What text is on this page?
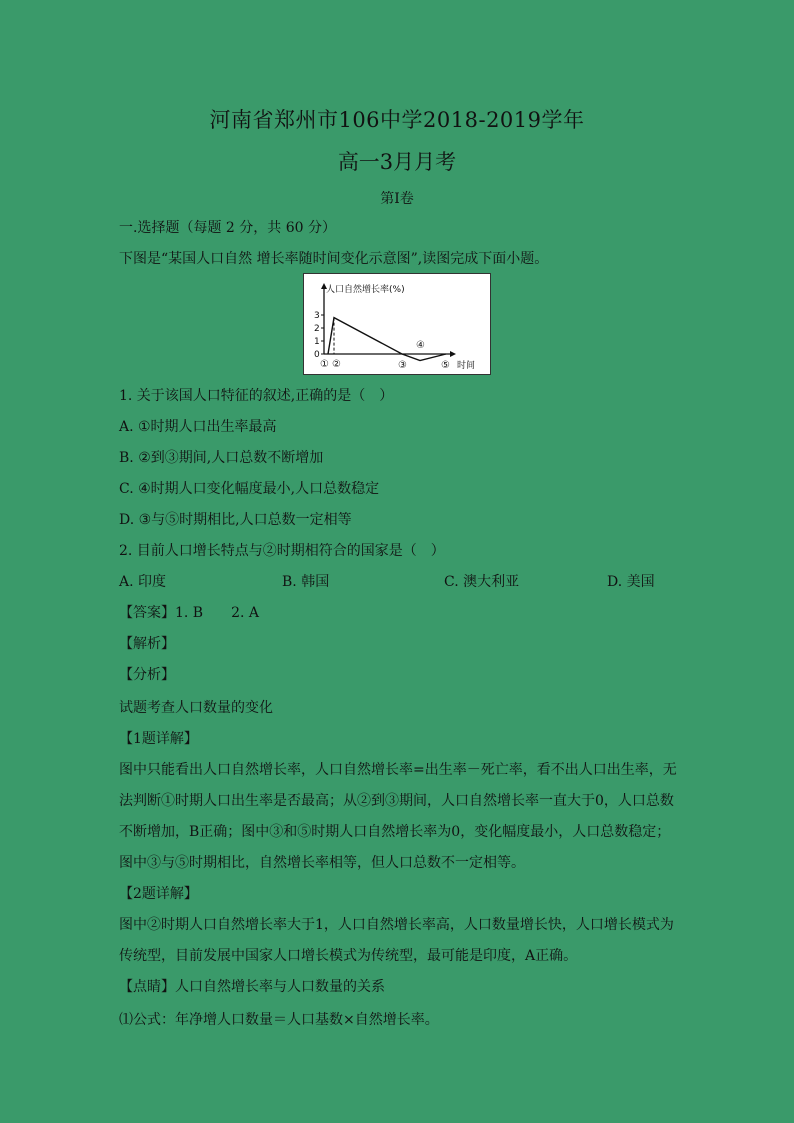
河南省郑州市106中学2018-2019学年
高一3月月考
第I卷
一.选择题（每题 2 分，共 60 分）
下图是“某国人口自然 增长率随时间变化示意图”,读图完成下面小题。
人口自然增长率(%)
时间
3
2
1
0
① ②	③
④
⑤
1. 关于该国人口特征的叙述,正确的是（　）
A. ①时期人口出生率最高
B. ②到③期间,人口总数不断增加
C. ④时期人口变化幅度最小,人口总数稳定
D. ③与⑤时期相比,人口总数一定相等
2. 目前人口增长特点与②时期相符合的国家是（　）
A. 印度	B. 韩国	C. 澳大利亚	D. 美国
【答案】1. B　　2. A
【解析】
【分析】
试题考查人口数量的变化
【1题详解】
图中只能看出人口自然增长率，人口自然增长率=出生率－死亡率，看不出人口出生率，无
法判断①时期人口出生率是否最高；从②到③期间，人口自然增长率一直大于0，人口总数
不断增加，B正确；图中③和⑤时期人口自然增长率为0，变化幅度最小，人口总数稳定；
图中③与⑤时期相比，自然增长率相等，但人口总数不一定相等。
【2题详解】
图中②时期人口自然增长率大于1，人口自然增长率高，人口数量增长快，人口增长模式为
传统型，目前发展中国家人口增长模式为传统型，最可能是印度，A正确。
【点睛】人口自然增长率与人口数量的关系
⑴公式：年净增人口数量＝人口基数×自然增长率。
